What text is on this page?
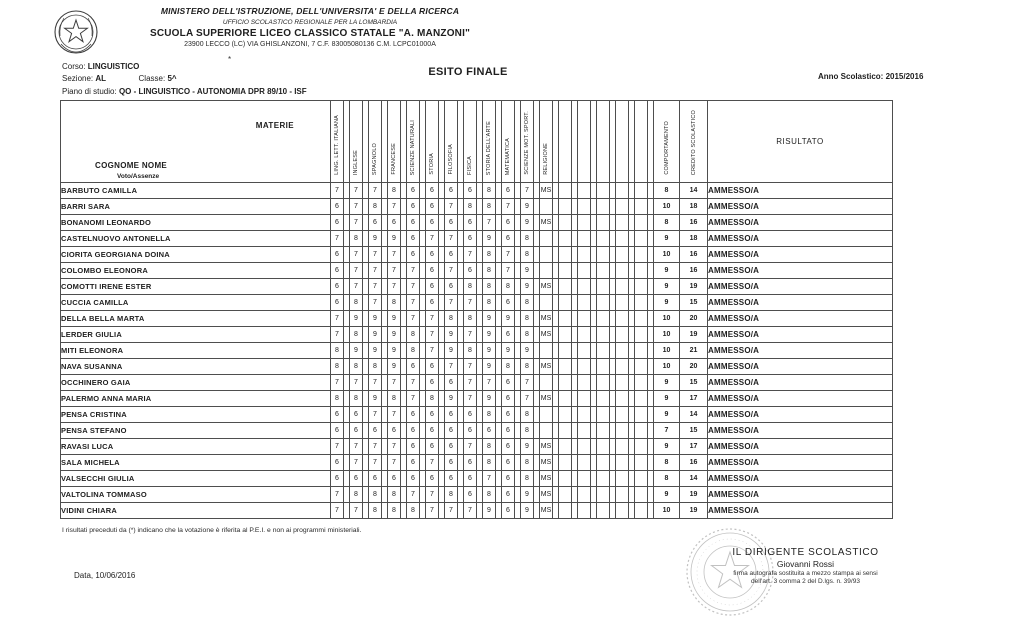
MINISTERO DELL'ISTRUZIONE, DELL'UNIVERSITA' E DELLA RICERCA
UFFICIO SCOLASTICO REGIONALE PER LA LOMBARDIA
SCUOLA SUPERIORE LICEO CLASSICO STATALE "A. MANZONI"
23900 LECCO (LC) VIA GHISLANZONI, 7 C.F. 83005080136 C.M. LCPC01000A
Corso: LINGUISTICO
Sezione: AL	Classe: 5^
ESITO FINALE	Anno Scolastico: 2015/2016
*
Piano di studio: QO - LINGUISTICO - AUTONOMIA DPR 89/10 - ISF
MATERIE
COGNOME NOME
Voto/Assenze	LING. LETT. ITALIANA		INGLESE		SPAGNOLO		FRANCESE		SCIENZE NATURALI		STORIA		FILOSOFIA		FISICA		STORIA DELL'ARTE		MATEMATICA		SCIENZE MOT. SPORT.		RELIGIONE												COMPORTAMENTO	CREDITO SCOLASTICO	RISULTATO
BARBUTO CAMILLA	7		7		7		8		6		6		6		6		8		6		7		MS												8	14	AMMESSO/A
BARRI SARA	6		7		8		7		6		6		7		8		8		7		9														10	18	AMMESSO/A
BONANOMI LEONARDO	6		7		6		6		6		6		6		6		7		6		9		MS												8	16	AMMESSO/A
CASTELNUOVO ANTONELLA	7		8		9		9		6		7		7		6		9		6		8														9	18	AMMESSO/A
CIORITA GEORGIANA DOINA	6		7		7		7		6		6		6		7		8		7		8														10	16	AMMESSO/A
COLOMBO ELEONORA	6		7		7		7		7		6		7		6		8		7		9														9	16	AMMESSO/A
COMOTTI IRENE ESTER	6		7		7		7		7		6		6		8		8		8		9		MS												9	19	AMMESSO/A
CUCCIA CAMILLA	6		8		7		8		7		6		7		7		8		6		8														9	15	AMMESSO/A
DELLA BELLA MARTA	7		9		9		9		7		7		8		8		9		9		8		MS												10	20	AMMESSO/A
LERDER GIULIA	7		8		9		9		8		7		9		7		9		6		8		MS												10	19	AMMESSO/A
MITI ELEONORA	8		9		9		9		8		7		9		8		9		9		9														10	21	AMMESSO/A
NAVA SUSANNA	8		8		8		9		6		6		7		7		9		8		8		MS												10	20	AMMESSO/A
OCCHINERO GAIA	7		7		7		7		7		6		6		7		7		6		7														9	15	AMMESSO/A
PALERMO ANNA MARIA	8		8		9		8		7		8		9		7		9		6		7		MS												9	17	AMMESSO/A
PENSA CRISTINA	6		6		7		7		6		6		6		6		8		6		8														9	14	AMMESSO/A
PENSA STEFANO	6		6		6		6		6		6		6		6		6		6		8														7	15	AMMESSO/A
RAVASI LUCA	7		7		7		7		6		6		6		7		8		6		9		MS												9	17	AMMESSO/A
SALA MICHELA	6		7		7		7		6		7		6		6		8		6		8		MS												8	16	AMMESSO/A
VALSECCHI GIULIA	6		6		6		6		6		6		6		6		7		6		8		MS												8	14	AMMESSO/A
VALTOLINA TOMMASO	7		8		8		8		7		7		8		6		8		6		9		MS												9	19	AMMESSO/A
VIDINI CHIARA	7		7		8		8		8		7		7		7		9		6		9		MS												10	19	AMMESSO/A
I risultati preceduti da (*) indicano che la votazione è riferita al P.E.I. e non ai programmi ministeriali.
Data, 10/06/2016
IL DIRIGENTE SCOLASTICO
Giovanni Rossi
firma autografa sostituita a mezzo stampa ai sensi
dell'art. 3 comma 2 del D.lgs. n. 39/93
